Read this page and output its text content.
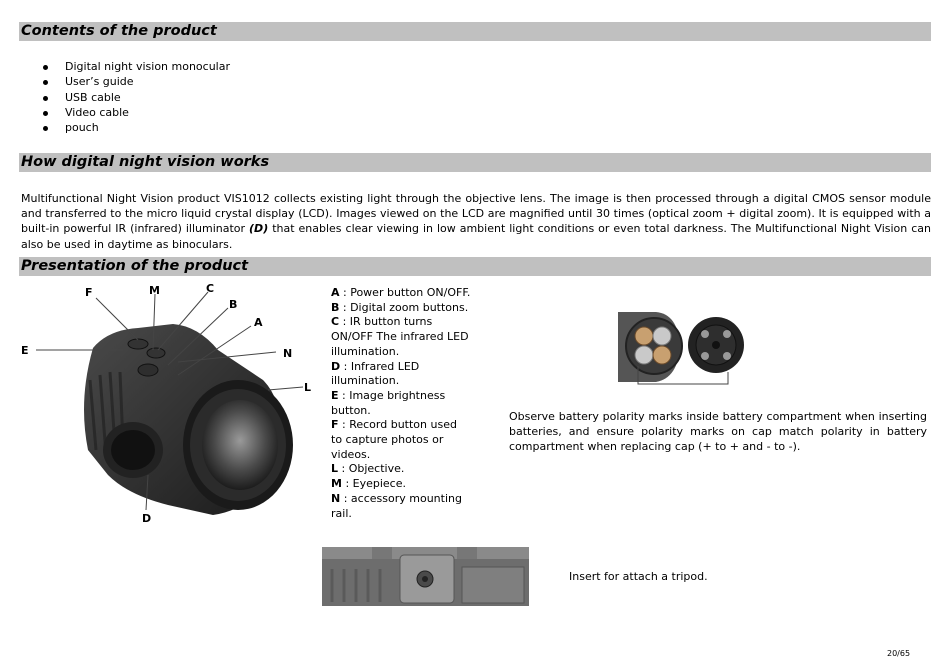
Contents of the product
Digital night vision monocular
User’s guide
USB cable
Video cable
pouch
How digital night vision works

Multifunctional Night Vision product VIS1012 collects existing light through the objective lens. The image is then processed through a digital CMOS sensor module and transferred to the micro liquid crystal display (LCD). Images viewed on the LCD are magnified until 30 times (optical zoom + digital zoom). It is equipped with a built-in powerful IR (infrared) illuminator (D) that enables clear viewing in low ambient light conditions or even total darkness. The Multifunctional Night Vision can also be used in daytime as binoculars.

Presentation of the product
F	M	C
B
A
E	N
L
D
A : Power button ON/OFF.
B : Digital zoom buttons.
C : IR button turns ON/OFF The infrared LED illumination.
D : Infrared LED illumination.
E : Image brightness button.
F : Record button used to capture photos or videos.
L : Objective.
M : Eyepiece.
N : accessory mounting rail.

Observe battery polarity marks inside battery compartment when inserting batteries, and ensure polarity marks on cap match polarity in battery compartment when replacing cap (+ to + and - to -).

Insert for attach a tripod.
20/65
